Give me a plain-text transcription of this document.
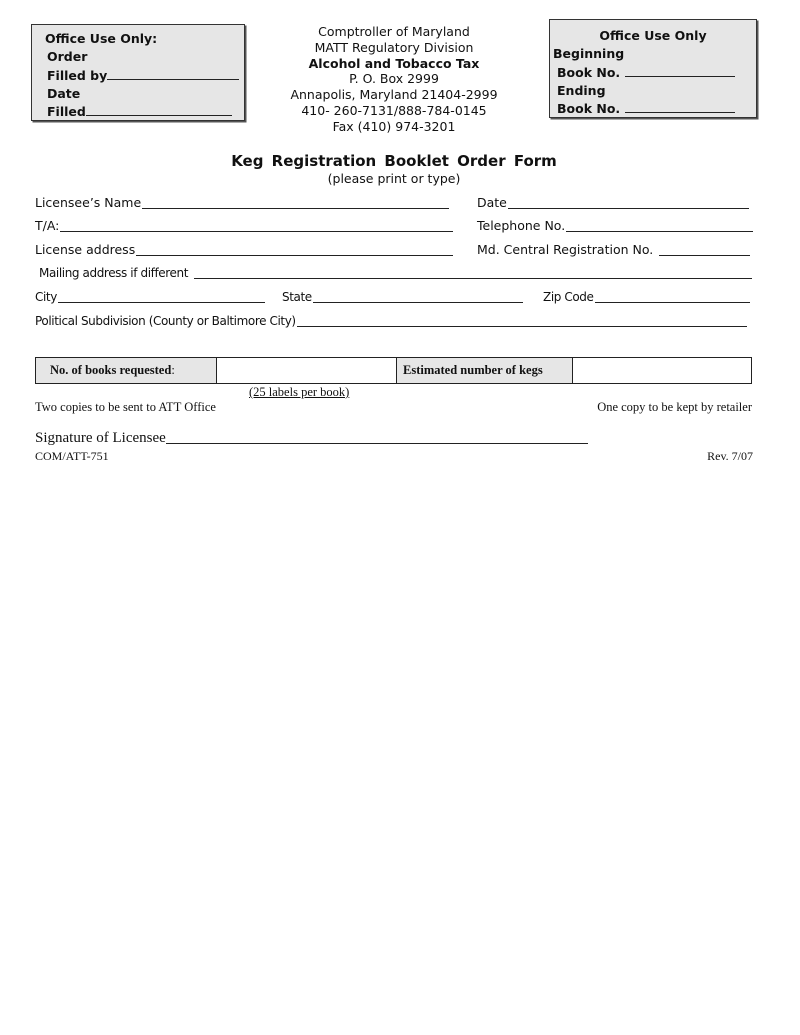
Office Use Only:
Order
Filled by
Date
Filled
Comptroller of Maryland
MATT Regulatory Division
Alcohol and Tobacco Tax
P. O. Box 2999
Annapolis, Maryland 21404-2999
410- 260-7131/888-784-0145
Fax (410) 974-3201
Office Use Only
Beginning
Book No.
Ending
Book No.
Keg Registration Booklet Order Form
(please print or type)
Licensee’s Name	Date
T/A:	Telephone No.
License address	Md. Central Registration No.
Mailing address if different
City	State	Zip Code
Political Subdivision (County or Baltimore City)
No. of books requested :	Estimated number of kegs
(25 labels per book)
Two copies to be sent to ATT Office	One copy to be kept by retailer
Signature of Licensee
COM/ATT-751	Rev. 7/07
